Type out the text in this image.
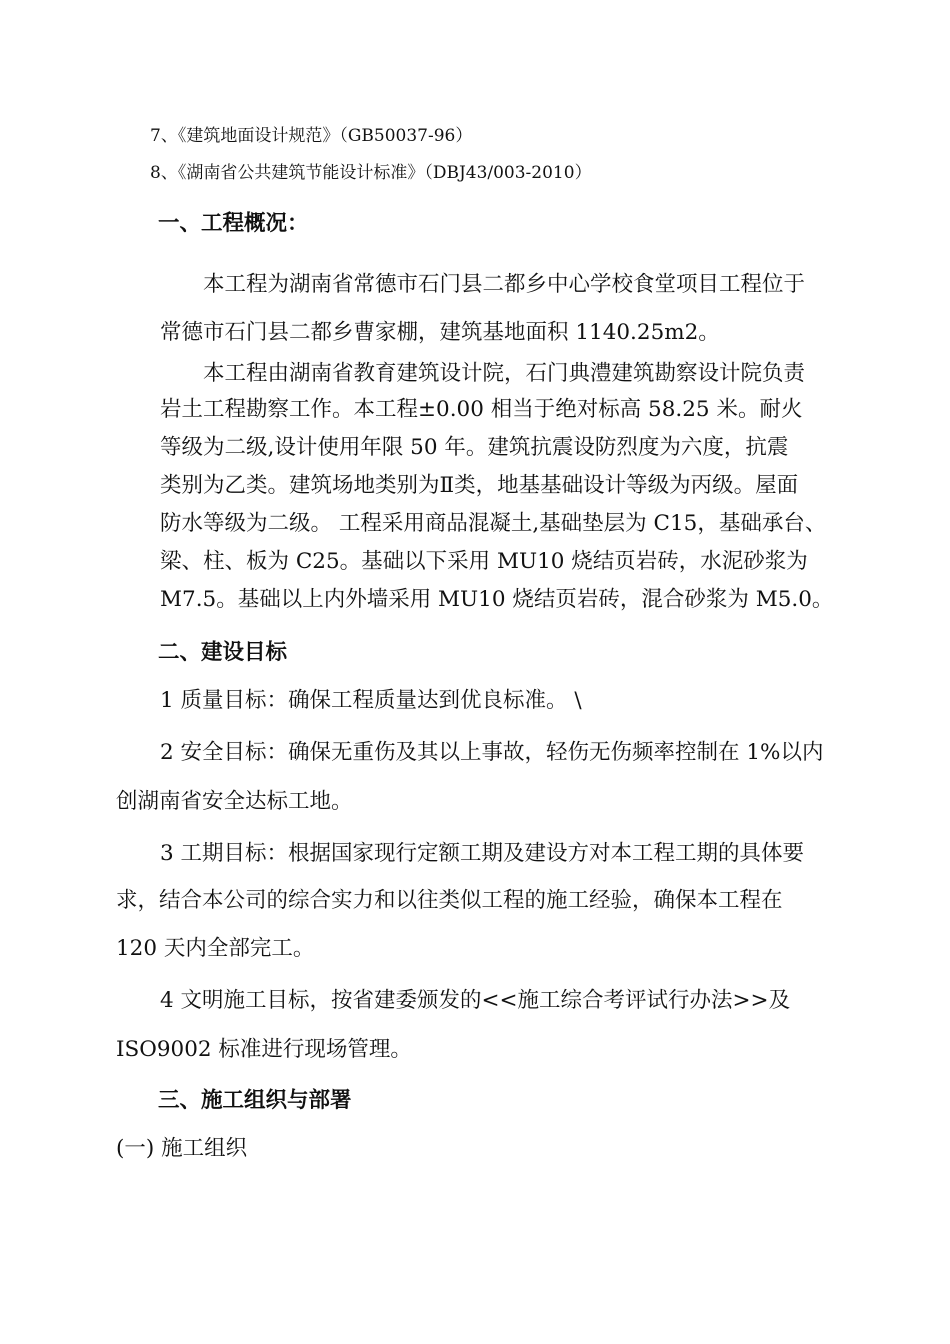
7、《建筑地面设计规范》（GB50037-96）
8、《湖南省公共建筑节能设计标准》（DBJ43/003-2010）
一、工程概况：
本工程为湖南省常德市石门县二都乡中心学校食堂项目工程位于
常德市石门县二都乡曹家棚，建筑基地面积 1140.25m2。
本工程由湖南省教育建筑设计院，石门典澧建筑勘察设计院负责
岩土工程勘察工作。本工程±0.00 相当于绝对标高 58.25 米。耐火
等级为二级,设计使用年限 50 年。建筑抗震设防烈度为六度，抗震
类别为乙类。建筑场地类别为Ⅱ类，地基基础设计等级为丙级。屋面
防水等级为二级。 工程采用商品混凝土,基础垫层为 C15，基础承台、
梁、柱、板为 C25。基础以下采用 MU10 烧结页岩砖，水泥砂浆为
M7.5。基础以上内外墙采用 MU10 烧结页岩砖，混合砂浆为 M5.0。
二、建设目标
1 质量目标：确保工程质量达到优良标准。 \
2 安全目标：确保无重伤及其以上事故，轻伤无伤频率控制在 1%以内
创湖南省安全达标工地。
3 工期目标：根据国家现行定额工期及建设方对本工程工期的具体要
求，结合本公司的综合实力和以往类似工程的施工经验，确保本工程在
120 天内全部完工。
4 文明施工目标，按省建委颁发的<<施工综合考评试行办法>>及
ISO9002 标准进行现场管理。
三、施工组织与部署
(一) 施工组织
